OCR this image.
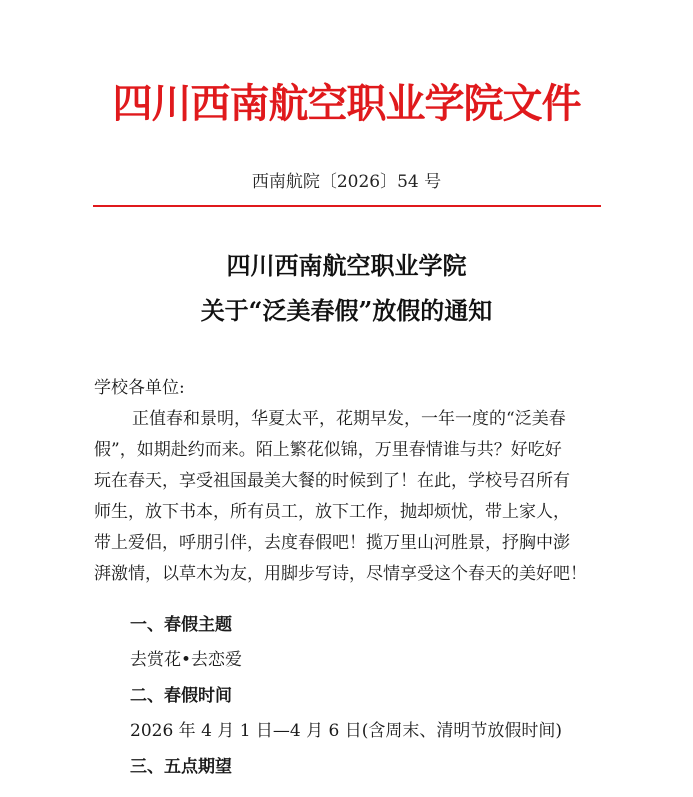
四川西南航空职业学院文件
西南航院〔2026〕54 号
四川西南航空职业学院
关于“泛美春假”放假的通知
学校各单位:
正值春和景明，华夏太平，花期早发，一年一度的“泛美春
假”，如期赴约而来。陌上繁花似锦，万里春情谁与共？好吃好
玩在春天，享受祖国最美大餐的时候到了！在此，学校号召所有
师生，放下书本，所有员工，放下工作，抛却烦忧，带上家人，
带上爱侣，呼朋引伴，去度春假吧！揽万里山河胜景，抒胸中澎
湃激情，以草木为友，用脚步写诗，尽情享受这个春天的美好吧！
一、春假主题
去赏花•去恋爱
二、春假时间
2026 年 4 月 1 日—4 月 6 日(含周末、清明节放假时间)
三、五点期望
